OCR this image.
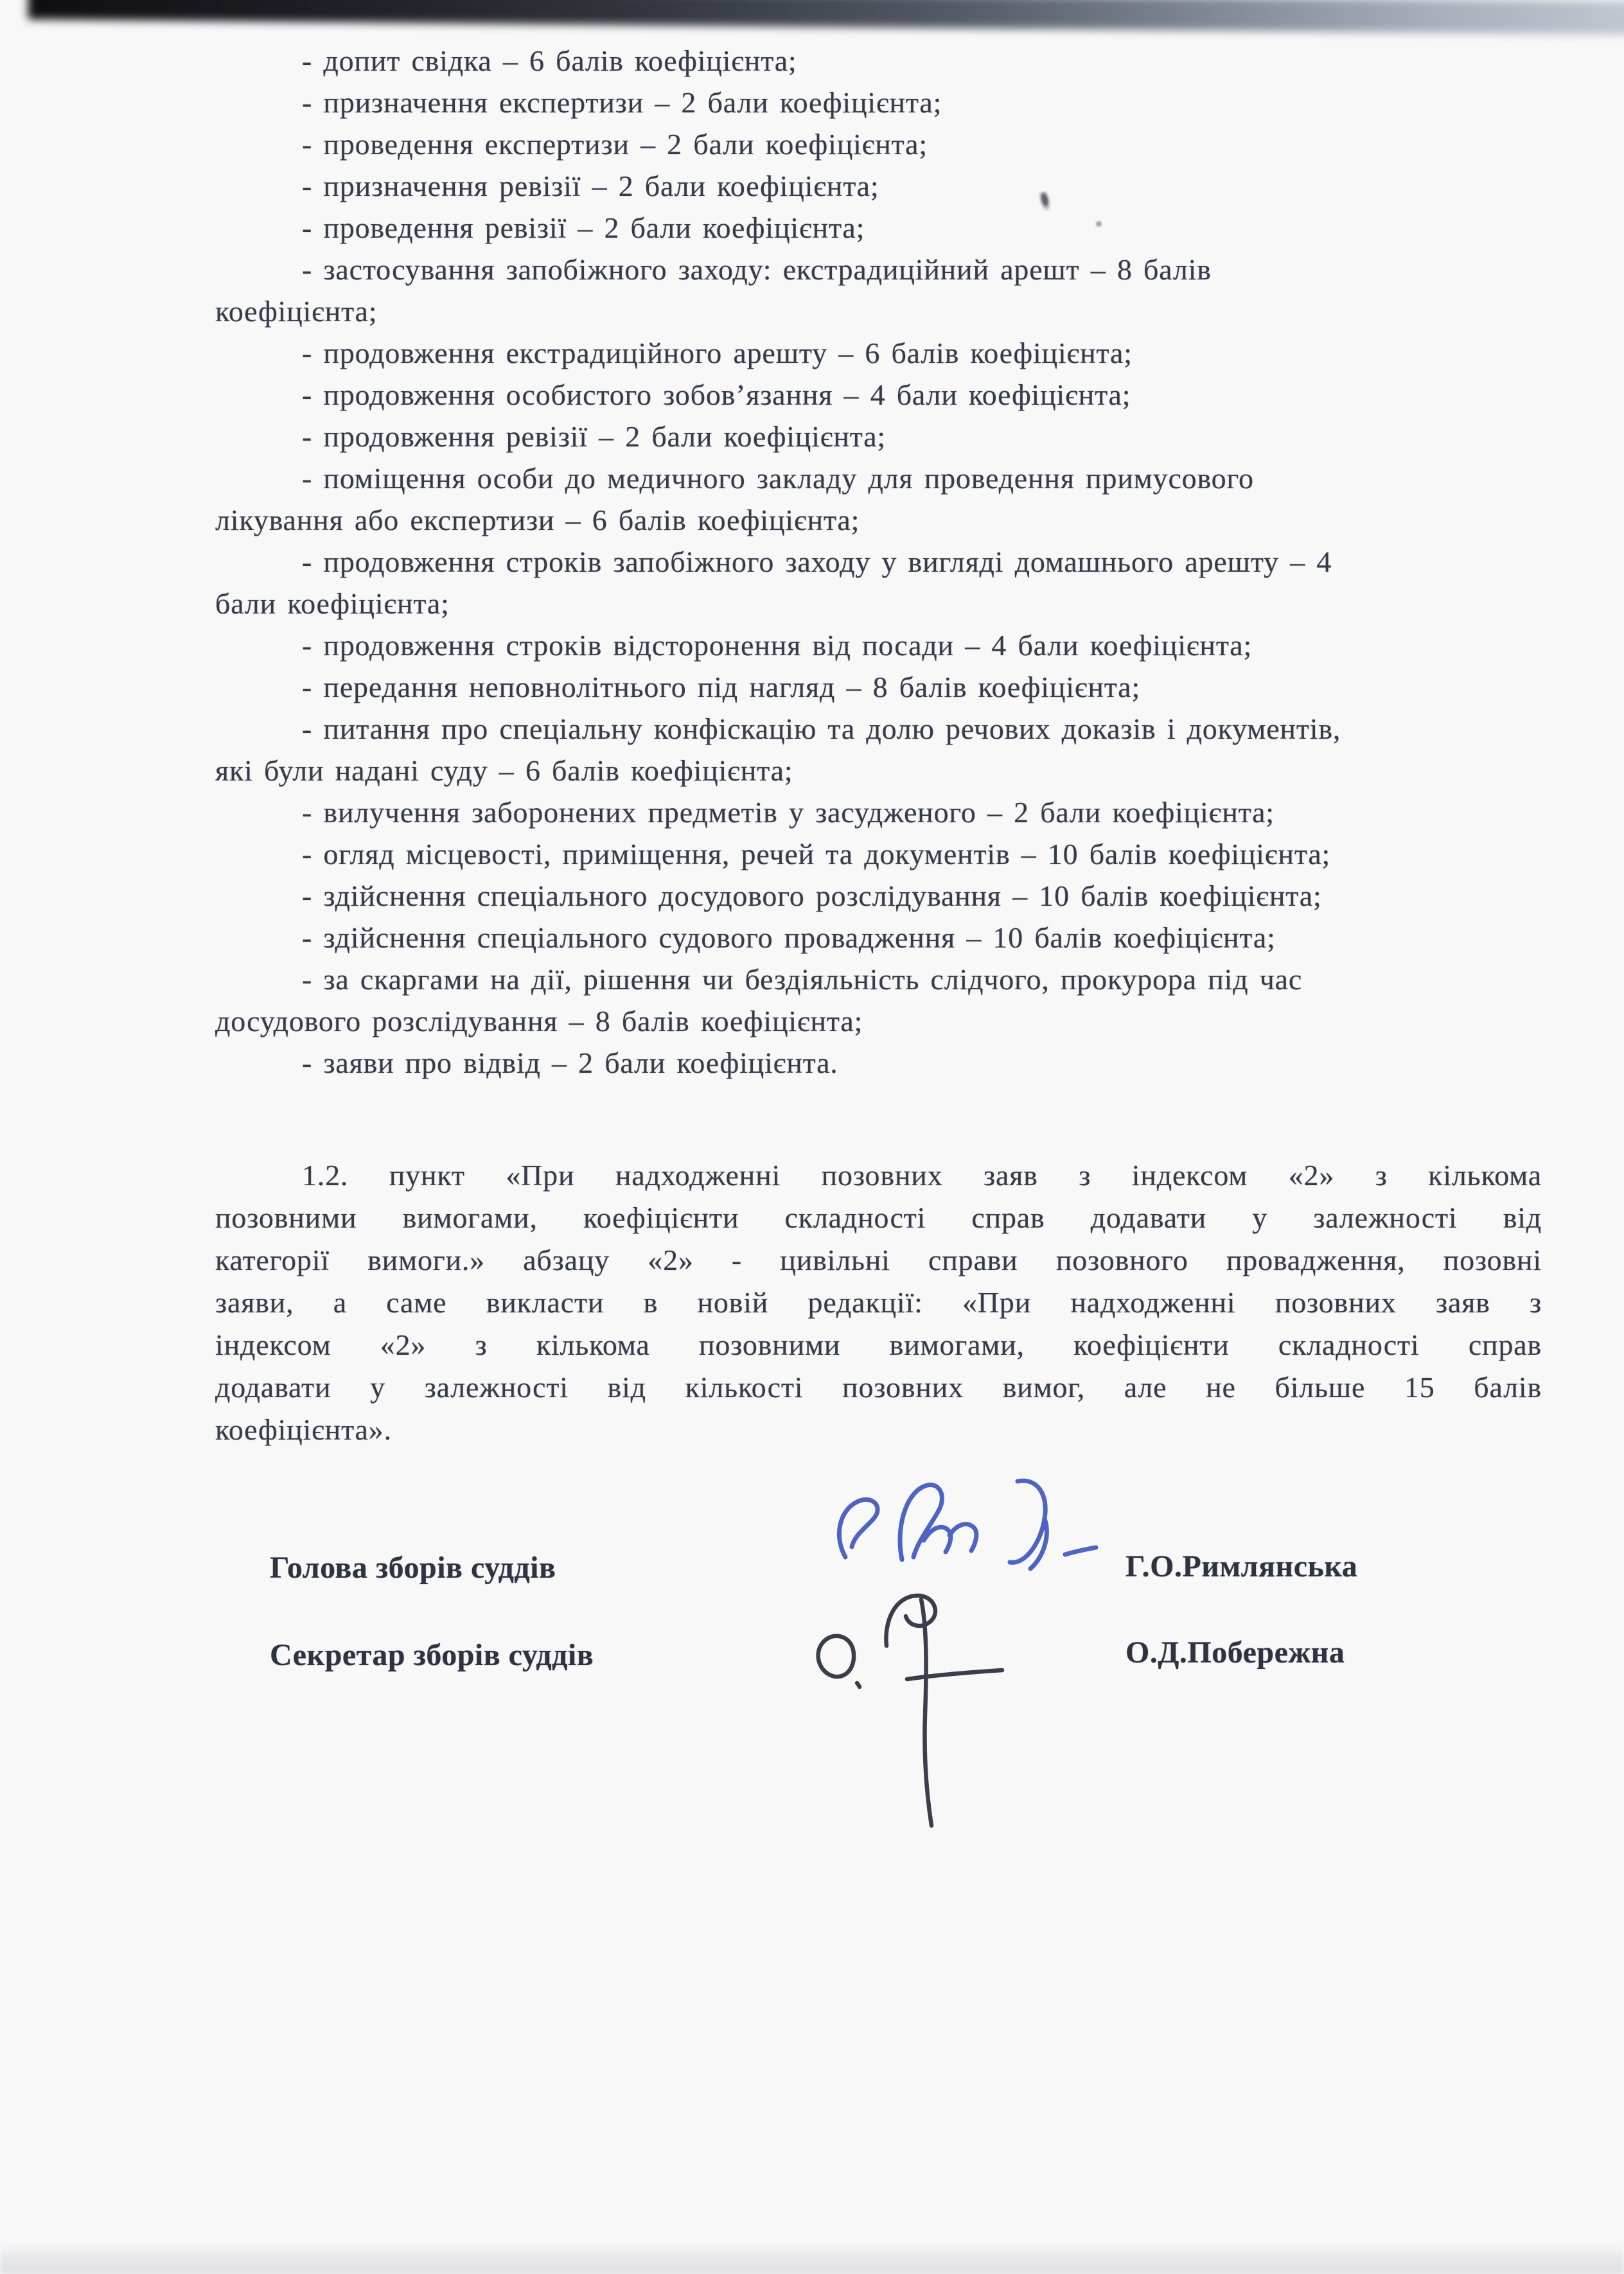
- допит свідка – 6 балів коефіцієнта;
- призначення експертизи – 2 бали коефіцієнта;
- проведення експертизи – 2 бали коефіцієнта;
- призначення ревізії – 2 бали коефіцієнта;
- проведення ревізії – 2 бали коефіцієнта;
- застосування запобіжного заходу: екстрадиційний арешт – 8 балів
коефіцієнта;
- продовження екстрадиційного арешту – 6 балів коефіцієнта;
- продовження особистого зобов’язання – 4 бали коефіцієнта;
- продовження ревізії – 2 бали коефіцієнта;
- поміщення особи до медичного закладу для проведення примусового
лікування або експертизи – 6 балів коефіцієнта;
- продовження строків запобіжного заходу у вигляді домашнього арешту – 4
бали коефіцієнта;
- продовження строків відсторонення від посади – 4 бали коефіцієнта;
- передання неповнолітнього під нагляд – 8 балів коефіцієнта;
- питання про спеціальну конфіскацію та долю речових доказів і документів,
які були надані суду – 6 балів коефіцієнта;
- вилучення заборонених предметів у засудженого – 2 бали коефіцієнта;
- огляд місцевості, приміщення, речей та документів – 10 балів коефіцієнта;
- здійснення спеціального досудового розслідування – 10 балів коефіцієнта;
- здійснення спеціального судового провадження – 10 балів коефіцієнта;
- за скаргами на дії, рішення чи бездіяльність слідчого, прокурора під час
досудового розслідування – 8 балів коефіцієнта;
- заяви про відвід – 2 бали коефіцієнта.
1.2. пункт «При надходженні позовних заяв з індексом «2» з кількома
позовними вимогами, коефіцієнти складності справ додавати у залежності від
категорії вимоги.» абзацу «2» - цивільні справи позовного провадження, позовні
заяви, а саме викласти в новій редакції: «При надходженні позовних заяв з
індексом «2» з кількома позовними вимогами, коефіцієнти складності справ
додавати у залежності від кількості позовних вимог, але не більше 15 балів
коефіцієнта».
Голова зборів суддів	Г.О.Римлянська
Секретар зборів суддів	О.Д.Побережна
